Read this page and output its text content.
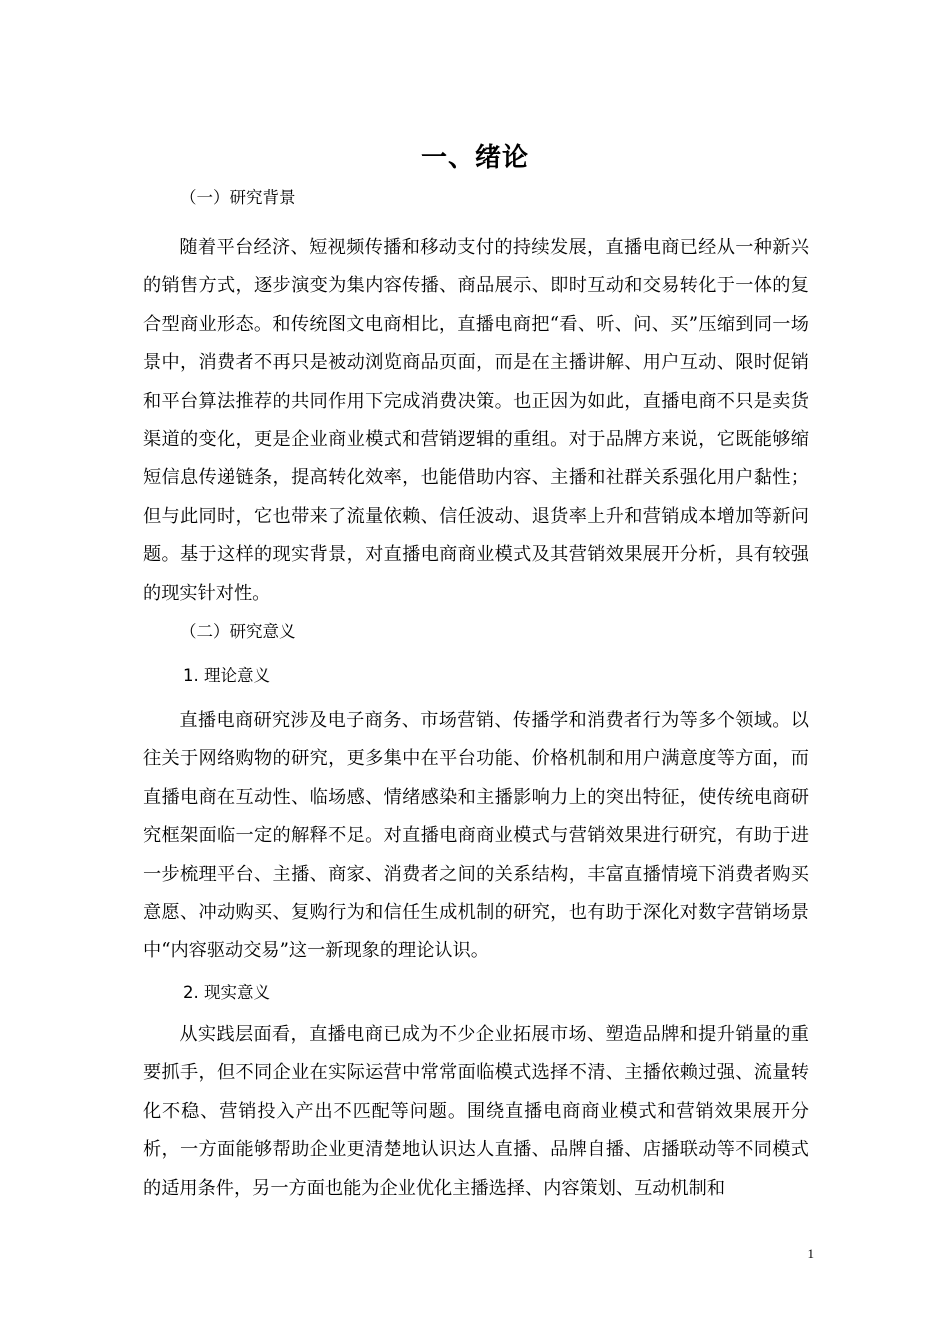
一、绪论
（一）研究背景

随着平台经济、短视频传播和移动支付的持续发展，直播电商已经从一种新兴的销售方式，逐步演变为集内容传播、商品展示、即时互动和交易转化于一体的复合型商业形态。和传统图文电商相比，直播电商把“看、听、问、买”压缩到同一场景中，消费者不再只是被动浏览商品页面，而是在主播讲解、用户互动、限时促销和平台算法推荐的共同作用下完成消费决策。也正因为如此，直播电商不只是卖货渠道的变化，更是企业商业模式和营销逻辑的重组。对于品牌方来说，它既能够缩短信息传递链条，提高转化效率，也能借助内容、主播和社群关系强化用户黏性；但与此同时，它也带来了流量依赖、信任波动、退货率上升和营销成本增加等新问题。基于这样的现实背景，对直播电商商业模式及其营销效果展开分析，具有较强的现实针对性。

（二）研究意义
1. 理论意义

直播电商研究涉及电子商务、市场营销、传播学和消费者行为等多个领域。以往关于网络购物的研究，更多集中在平台功能、价格机制和用户满意度等方面，而直播电商在互动性、临场感、情绪感染和主播影响力上的突出特征，使传统电商研究框架面临一定的解释不足。对直播电商商业模式与营销效果进行研究，有助于进一步梳理平台、主播、商家、消费者之间的关系结构，丰富直播情境下消费者购买意愿、冲动购买、复购行为和信任生成机制的研究，也有助于深化对数字营销场景中“内容驱动交易”这一新现象的理论认识。

2. 现实意义

从实践层面看，直播电商已成为不少企业拓展市场、塑造品牌和提升销量的重要抓手，但不同企业在实际运营中常常面临模式选择不清、主播依赖过强、流量转化不稳、营销投入产出不匹配等问题。围绕直播电商商业模式和营销效果展开分析，一方面能够帮助企业更清楚地认识达人直播、品牌自播、店播联动等不同模式的适用条件，另一方面也能为企业优化主播选择、内容策划、互动机制和

1
